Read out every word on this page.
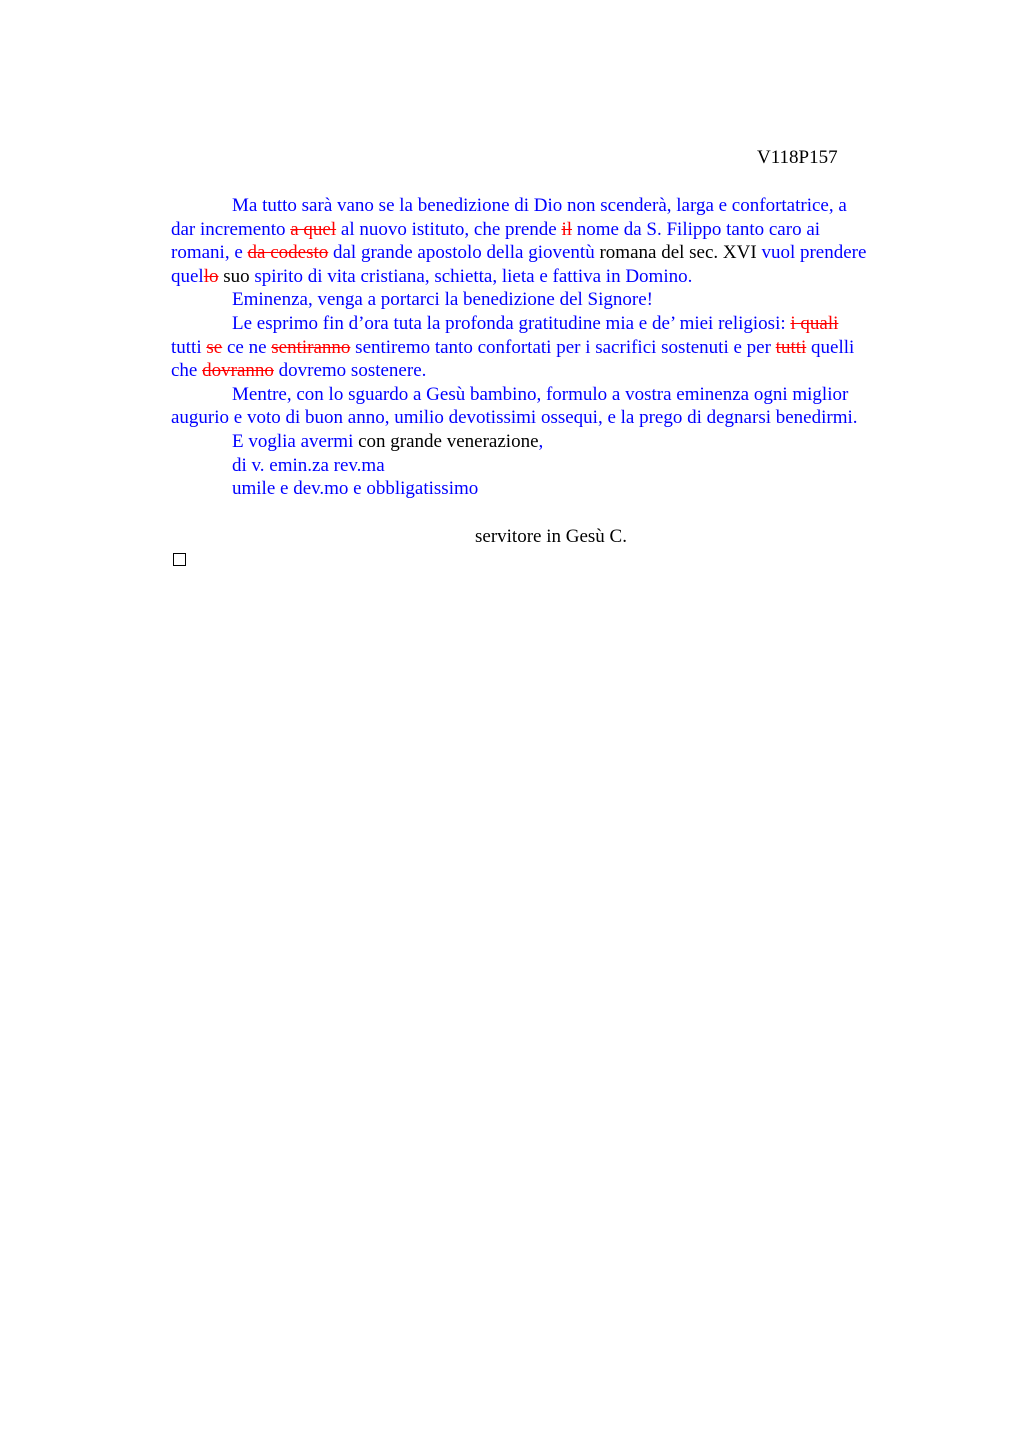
V118P157

Ma tutto sarà vano se la benedizione di Dio non scenderà, larga e confortatrice, a

dar incremento a quel al nuovo istituto, che prende il nome da S. Filippo tanto caro ai

romani, e da codesto dal grande apostolo della gioventù romana del sec. XVI vuol prendere

quello suo spirito di vita cristiana, schietta, lieta e fattiva in Domino.

Eminenza, venga a portarci la benedizione del Signore!

Le esprimo fin d’ora tuta la profonda gratitudine mia e de’ miei religiosi: i quali

tutti se ce ne sentiranno sentiremo tanto confortati per i sacrifici sostenuti e per tutti quelli

che dovranno dovremo sostenere.

Mentre, con lo sguardo a Gesù bambino, formulo a vostra eminenza ogni miglior

augurio e voto di buon anno, umilio devotissimi ossequi, e la prego di degnarsi benedirmi.

E voglia avermi con grande venerazione,

di v. emin.za rev.ma

umile e dev.mo e obbligatissimo

servitore in Gesù C.
